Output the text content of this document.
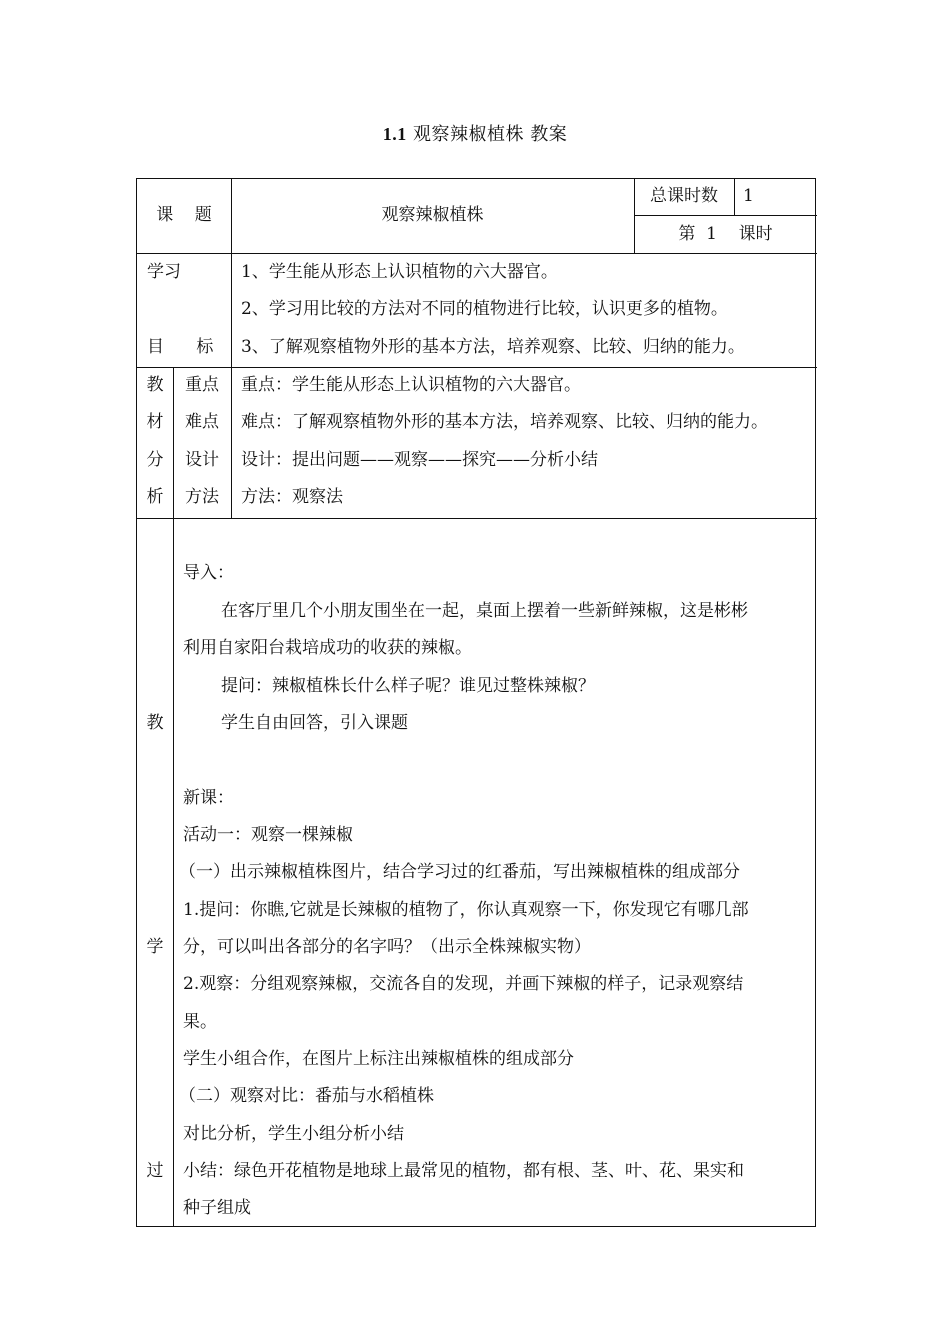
1.1 观察辣椒植株 教案
课    题	观察辣椒植株
总课时数	1
第  1    课时
学习
目      标
1、学生能从形态上认识植物的六大器官。
2、学习用比较的方法对不同的植物进行比较，认识更多的植物。
3、了解观察植物外形的基本方法，培养观察、比较、归纳的能力。
教
材
分
析
重点
难点
设计
方法
重点：学生能从形态上认识植物的六大器官。
难点：了解观察植物外形的基本方法，培养观察、比较、归纳的能力。
设计：提出问题——观察——探究——分析小结
方法：观察法
教
学
过
导入：
在客厅里几个小朋友围坐在一起，桌面上摆着一些新鲜辣椒，这是彬彬
利用自家阳台栽培成功的收获的辣椒。
提问：辣椒植株长什么样子呢？谁见过整株辣椒？
学生自由回答，引入课题
新课：
活动一：观察一棵辣椒
（一）出示辣椒植株图片，结合学习过的红番茄，写出辣椒植株的组成部分
1.提问：你瞧,它就是长辣椒的植物了，你认真观察一下，你发现它有哪几部
分，可以叫出各部分的名字吗？（出示全株辣椒实物）
2.观察：分组观察辣椒，交流各自的发现，并画下辣椒的样子，记录观察结
果。
学生小组合作，在图片上标注出辣椒植株的组成部分
（二）观察对比：番茄与水稻植株
对比分析，学生小组分析小结
小结：绿色开花植物是地球上最常见的植物，都有根、茎、叶、花、果实和
种子组成
